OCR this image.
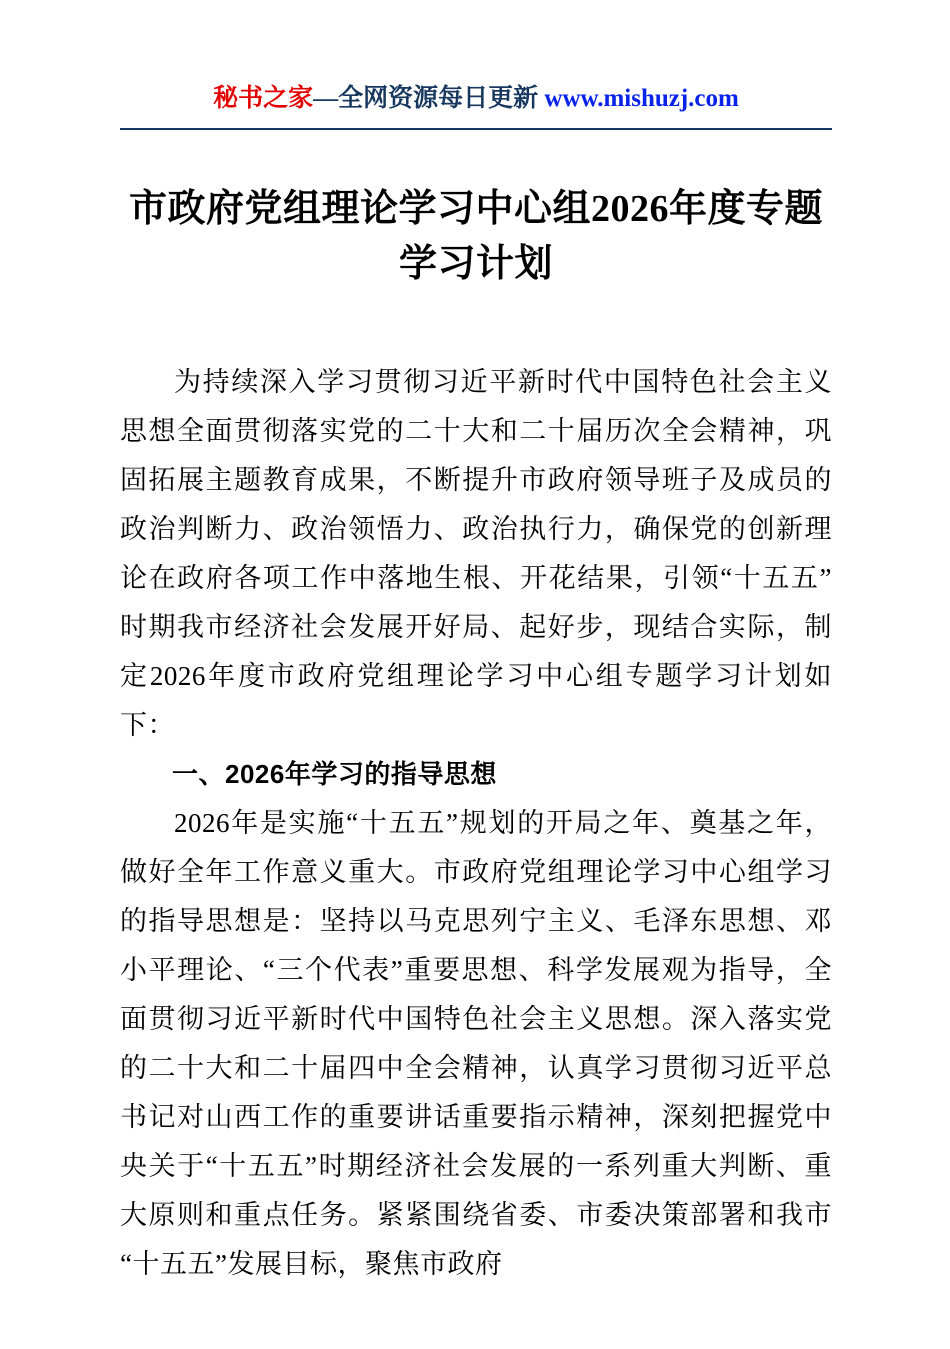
秘书之家—全网资源每日更新 www.mishuzj.com
市政府党组理论学习中心组2026年度专题学习计划

为持续深入学习贯彻习近平新时代中国特色社会主义思想全面贯彻落实党的二十大和二十届历次全会精神，巩固拓展主题教育成果，不断提升市政府领导班子及成员的政治判断力、政治领悟力、政治执行力，确保党的创新理论在政府各项工作中落地生根、开花结果，引领“十五五”时期我市经济社会发展开好局、起好步，现结合实际，制定2026年度市政府党组理论学习中心组专题学习计划如下：

一、2026年学习的指导思想

2026年是实施“十五五”规划的开局之年、奠基之年，做好全年工作意义重大。市政府党组理论学习中心组学习的指导思想是：坚持以马克思列宁主义、毛泽东思想、邓小平理论、“三个代表”重要思想、科学发展观为指导，全面贯彻习近平新时代中国特色社会主义思想。深入落实党的二十大和二十届四中全会精神，认真学习贯彻习近平总书记对山西工作的重要讲话重要指示精神，深刻把握党中央关于“十五五”时期经济社会发展的一系列重大判断、重大原则和重点任务。紧紧围绕省委、市委决策部署和我市“十五五”发展目标，聚焦市政府
